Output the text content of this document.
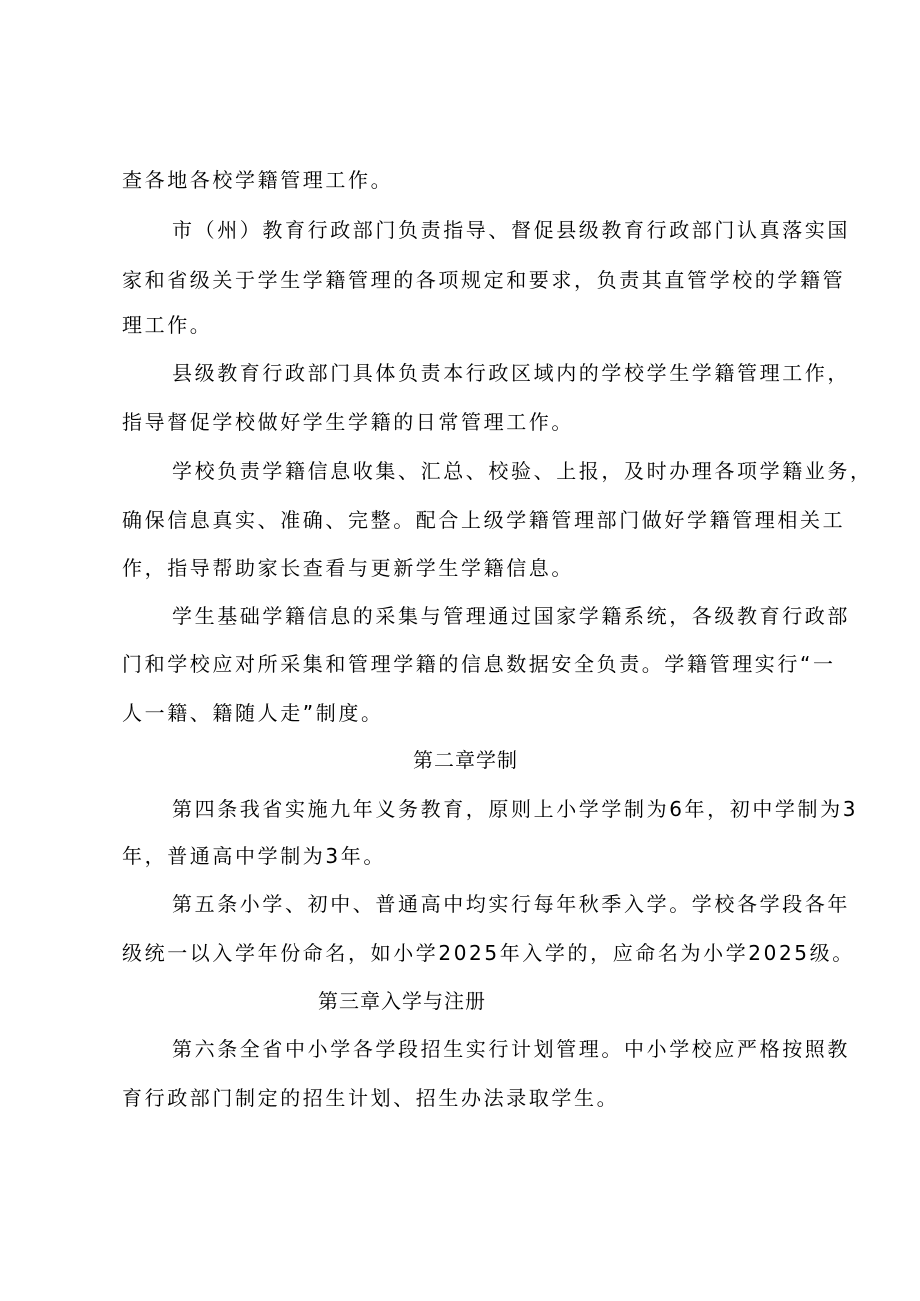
查各地各校学籍管理工作。
市（州）教育行政部门负责指导、督促县级教育行政部门认真落实国
家和省级关于学生学籍管理的各项规定和要求，负责其直管学校的学籍管
理工作。
县级教育行政部门具体负责本行政区域内的学校学生学籍管理工作，
指导督促学校做好学生学籍的日常管理工作。
学校负责学籍信息收集、汇总、校验、上报，及时办理各项学籍业务，
确保信息真实、准确、完整。配合上级学籍管理部门做好学籍管理相关工
作，指导帮助家长查看与更新学生学籍信息。
学生基础学籍信息的采集与管理通过国家学籍系统，各级教育行政部
门和学校应对所采集和管理学籍的信息数据安全负责。学籍管理实行“一
人一籍、籍随人走”制度。
第二章学制
第四条我省实施九年义务教育，原则上小学学制为6年，初中学制为3
年，普通高中学制为3年。
第五条小学、初中、普通高中均实行每年秋季入学。学校各学段各年
级统一以入学年份命名，如小学2025年入学的，应命名为小学2025级。
第三章入学与注册
第六条全省中小学各学段招生实行计划管理。中小学校应严格按照教
育行政部门制定的招生计划、招生办法录取学生。
